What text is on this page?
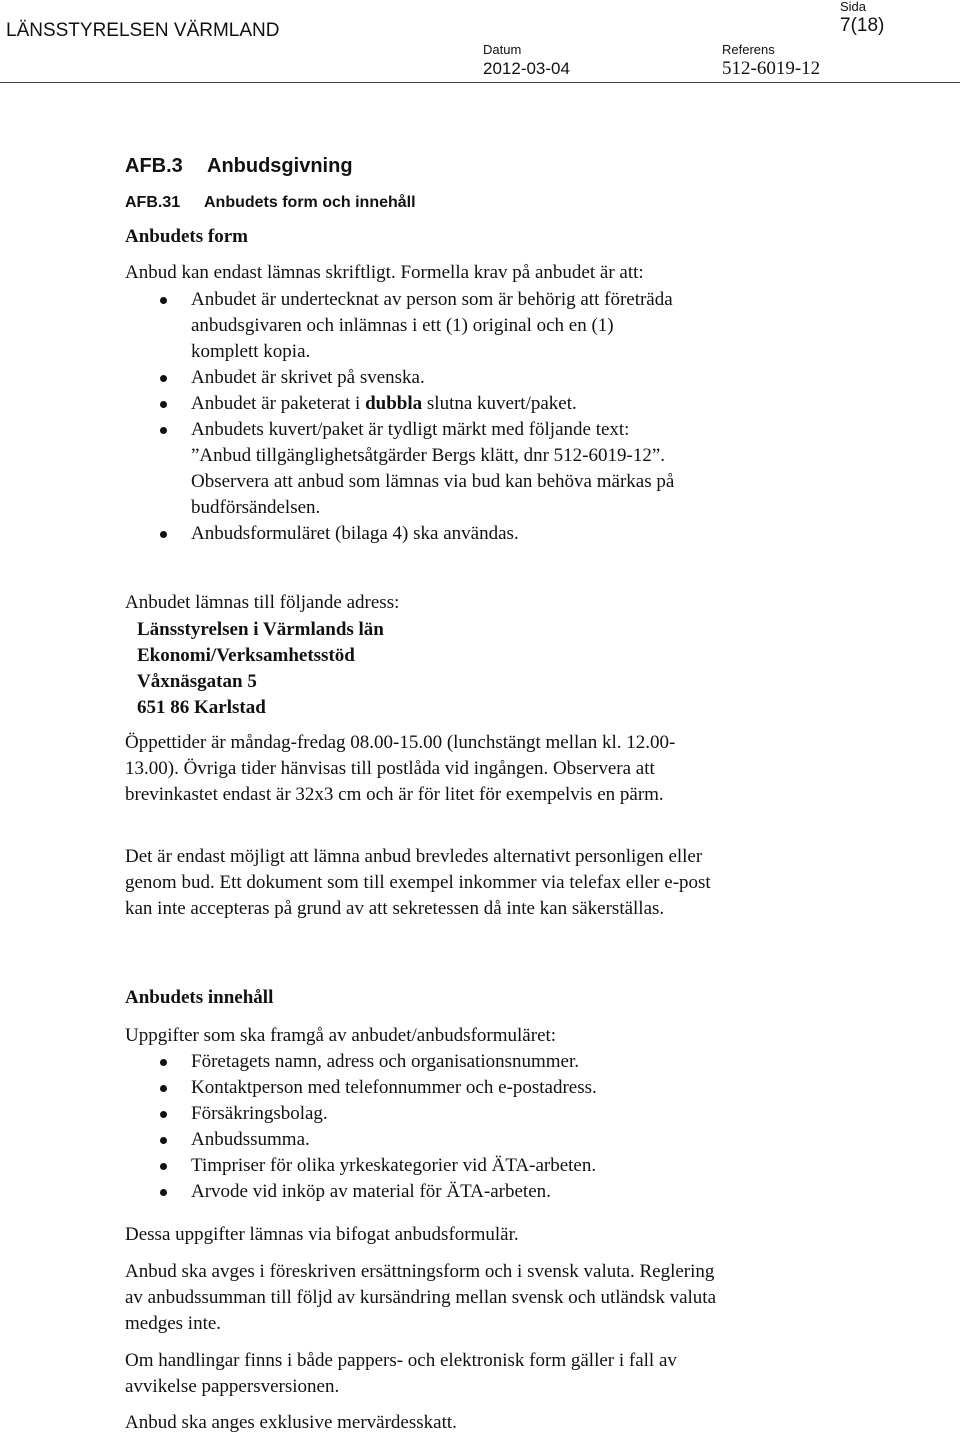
LÄNSSTYRELSEN VÄRMLAND
Sida
7(18)
Datum
2012-03-04
Referens
512-6019-12
AFB.3 Anbudsgivning
AFB.31 Anbudets form och innehåll
Anbudets form
Anbud kan endast lämnas skriftligt. Formella krav på anbudet är att:
Anbudet är undertecknat av person som är behörig att företräda anbudsgivaren och inlämnas i ett (1) original och en (1) komplett kopia.
Anbudet är skrivet på svenska.
Anbudet är paketerat i dubbla slutna kuvert/paket.
Anbudets kuvert/paket är tydligt märkt med följande text: ”Anbud tillgänglighetsåtgärder Bergs klätt, dnr 512-6019-12”. Observera att anbud som lämnas via bud kan behöva märkas på budförsändelsen.
Anbudsformuläret (bilaga 4) ska användas.
Anbudet lämnas till följande adress:
Länsstyrelsen i Värmlands län
Ekonomi/Verksamhetsstöd
Våxnäsgatan 5
651 86 Karlstad
Öppettider är måndag-fredag 08.00-15.00 (lunchstängt mellan kl. 12.00-13.00). Övriga tider hänvisas till postlåda vid ingången. Observera att brevinkastet endast är 32x3 cm och är för litet för exempelvis en pärm.
Det är endast möjligt att lämna anbud brevledes alternativt personligen eller genom bud. Ett dokument som till exempel inkommer via telefax eller e-post kan inte accepteras på grund av att sekretessen då inte kan säkerställas.
Anbudets innehåll
Uppgifter som ska framgå av anbudet/anbudsformuläret:
Företagets namn, adress och organisationsnummer.
Kontaktperson med telefonnummer och e-postadress.
Försäkringsbolag.
Anbudssumma.
Timpriser för olika yrkeskategorier vid ÄTA-arbeten.
Arvode vid inköp av material för ÄTA-arbeten.
Dessa uppgifter lämnas via bifogat anbudsformulär.
Anbud ska avges i föreskriven ersättningsform och i svensk valuta. Reglering av anbudssumman till följd av kursändring mellan svensk och utländsk valuta medges inte.
Om handlingar finns i både pappers- och elektronisk form gäller i fall av avvikelse pappersversionen.
Anbud ska anges exklusive mervärdesskatt.
